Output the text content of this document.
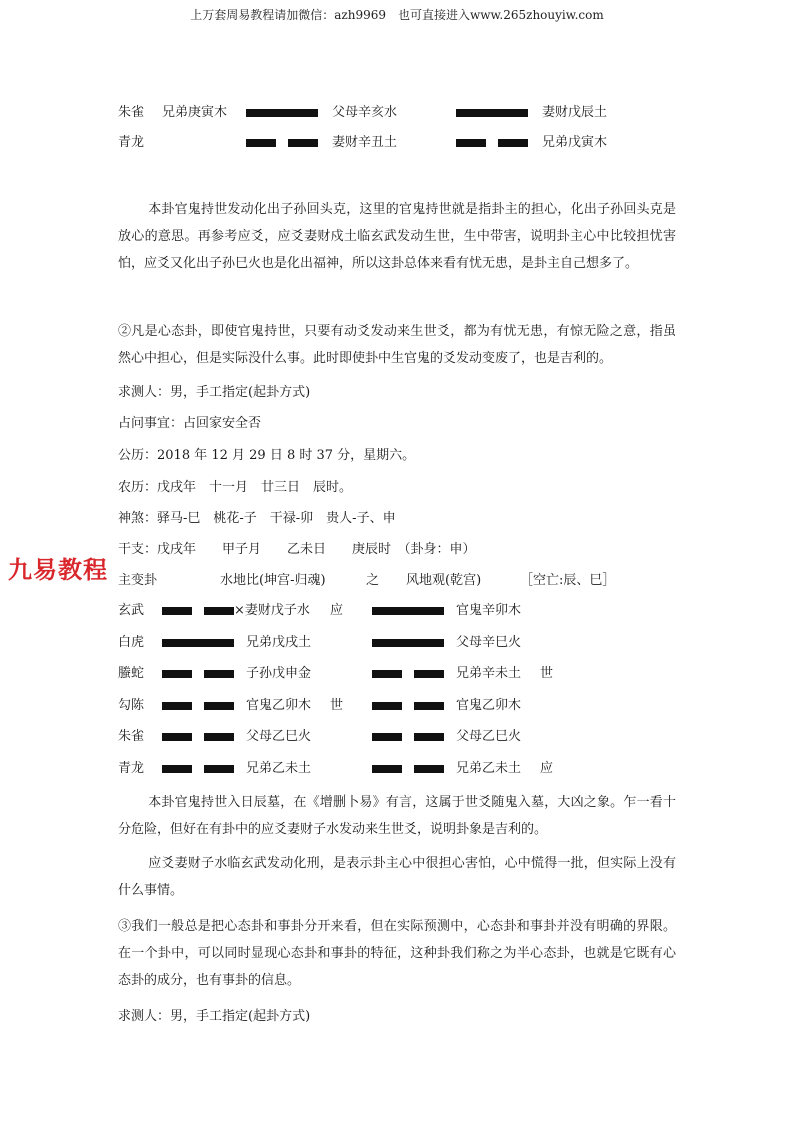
上万套周易教程请加微信：azh9969　也可直接进入www.265zhouyiw.com
朱雀 兄弟庚寅木	父母辛亥水	妻财戊辰土
青龙	妻财辛丑土	兄弟戊寅木
本卦官鬼持世发动化出子孙回头克，这里的官鬼持世就是指卦主的担心，化出子孙回头克是放心的意思。再参考应爻，应爻妻财戍土临玄武发动生世，生中带害，说明卦主心中比较担忧害怕，应爻又化出子孙巳火也是化出福神，所以这卦总体来看有忧无患，是卦主自己想多了。
②凡是心态卦，即使官鬼持世，只要有动爻发动来生世爻，都为有忧无患，有惊无险之意，指虽然心中担心，但是实际没什么事。此时即使卦中生官鬼的爻发动变废了，也是吉利的。
求测人：男，手工指定(起卦方式)
占问事宜：占回家安全否
公历：2018 年 12 月 29 日 8 时 37 分，星期六。
农历：戊戌年　十一月　廿三日　辰时。
神煞：驿马-巳　桃花-子　干禄-卯　贵人-子、申
干支：戊戌年　　甲子月　　乙未日　　庚辰时　（卦身：申）
主变卦	水地比(坤宫-归魂)	之 风地观(乾宫)	［空亡:辰、巳］
玄武	×妻财戊子水 应	官鬼辛卯木
白虎	兄弟戊戌土	父母辛巳火
螣蛇	子孙戊申金	兄弟辛未土 世
勾陈	官鬼乙卯木 世	官鬼乙卯木
朱雀	父母乙巳火	父母乙巳火
青龙	兄弟乙未土	兄弟乙未土 应
本卦官鬼持世入日辰墓，在《增删卜易》有言，这属于世爻随鬼入墓，大凶之象。乍一看十分危险，但好在有卦中的应爻妻财子水发动来生世爻，说明卦象是吉利的。
应爻妻财子水临玄武发动化刑，是表示卦主心中很担心害怕，心中慌得一批，但实际上没有什么事情。
③我们一般总是把心态卦和事卦分开来看，但在实际预测中，心态卦和事卦并没有明确的界限。在一个卦中，可以同时显现心态卦和事卦的特征，这种卦我们称之为半心态卦，也就是它既有心态卦的成分，也有事卦的信息。
求测人：男，手工指定(起卦方式)
九易教程
